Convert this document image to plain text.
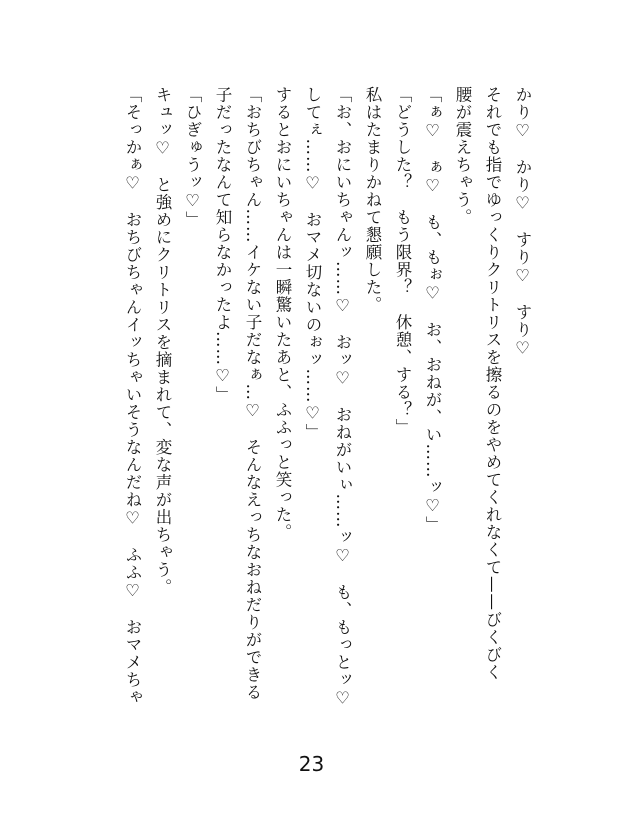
かり♡　かり♡　すり♡　すり♡

それでも指でゆっくりクリトリスを擦るのをやめてくれなくて——びくびく

腰が震えちゃう。

「ぁ♡　ぁ♡　も、もぉ♡　お、おねが、い……ッ♡」

「どうした？　もう限界？　休憩、する？」

私はたまりかねて懇願した。

「お、おにいちゃんッ……♡　おッ♡　おねがいぃ……ッ♡　も、もっとッ♡

してぇ……♡　おマメ切ないのぉッ……♡」

するとおにいちゃんは一瞬驚いたあと、ふふっと笑った。

「おちびちゃん……イケない子だなぁ…♡　そんなえっちなおねだりができる

子だったなんて知らなかったよ……♡」

「ひぎゅうッ♡」

キュッ♡　と強めにクリトリスを摘まれて、変な声が出ちゃう。

「そっかぁ♡　おちびちゃんイッちゃいそうなんだね♡　ふふ♡　おマメちゃ

23
